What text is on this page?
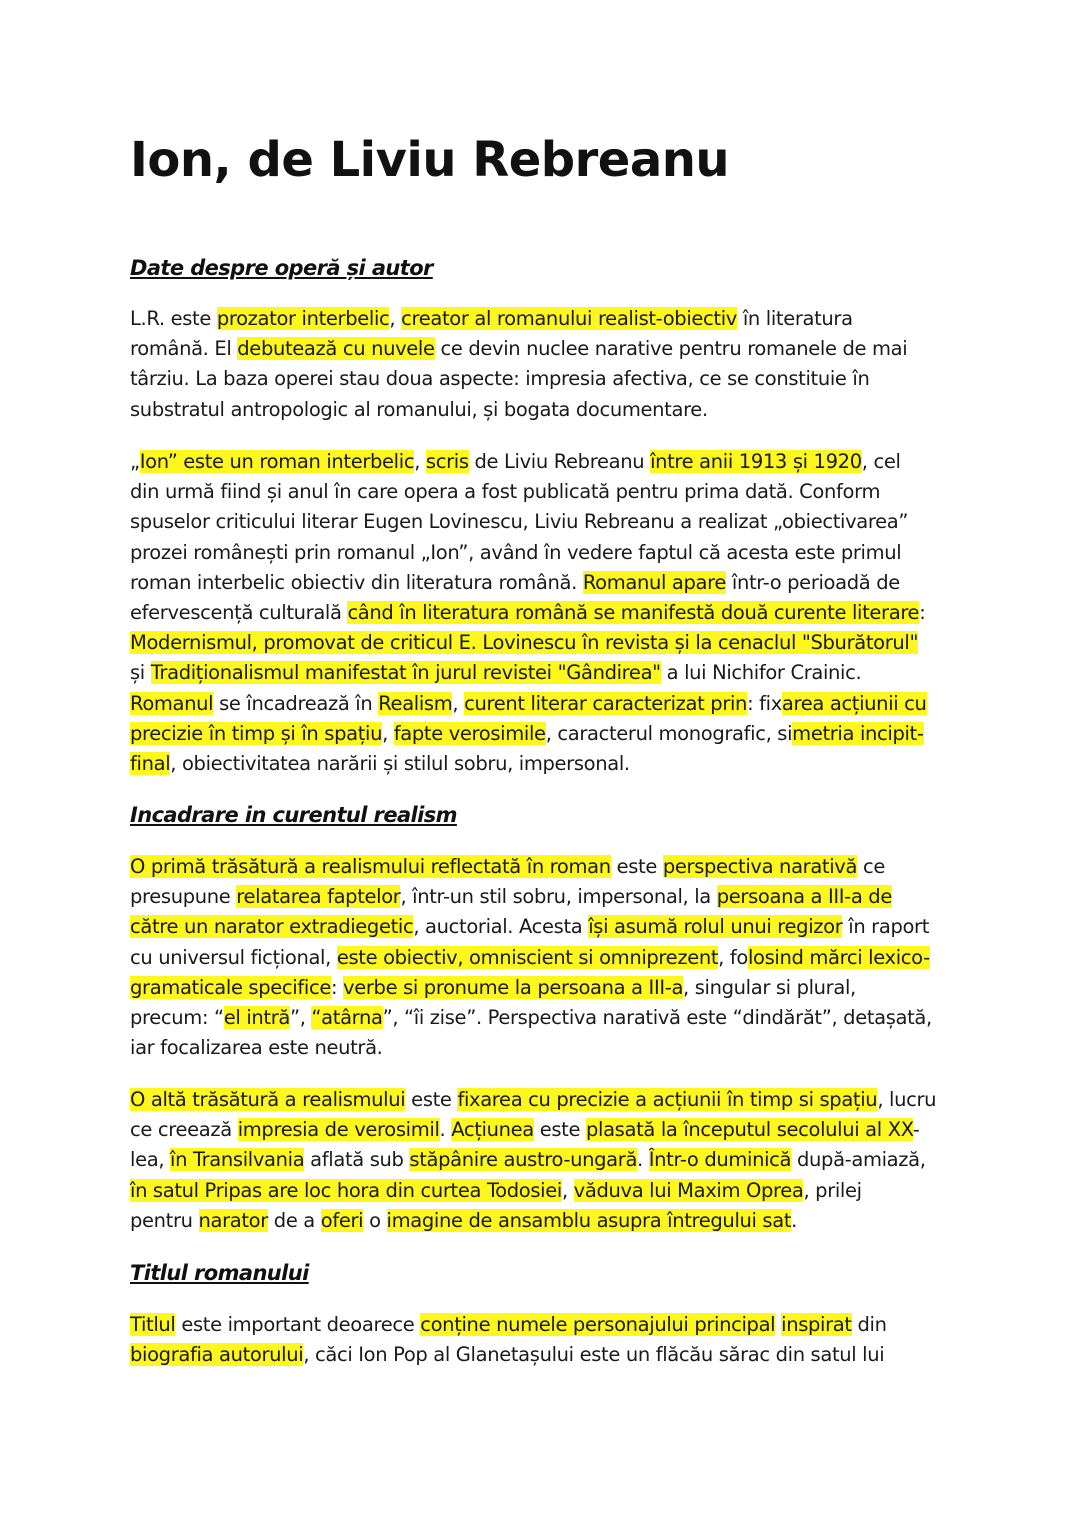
Ion, de Liviu Rebreanu
Date despre operă și autor

L.R. este prozator interbelic, creator al romanului realist-obiectiv în literatura
română. El debutează cu nuvele ce devin nuclee narative pentru romanele de mai
târziu. La baza operei stau doua aspecte: impresia afectiva, ce se constituie în
substratul antropologic al romanului, și bogata documentare.

„Ion” este un roman interbelic, scris de Liviu Rebreanu între anii 1913 și 1920, cel
din urmă fiind și anul în care opera a fost publicată pentru prima dată. Conform
spuselor criticului literar Eugen Lovinescu, Liviu Rebreanu a realizat „obiectivarea”
prozei românești prin romanul „Ion”, având în vedere faptul că acesta este primul
roman interbelic obiectiv din literatura română. Romanul apare într-o perioadă de
efervescență culturală când în literatura română se manifestă două curente literare:
Modernismul, promovat de criticul E. Lovinescu în revista și la cenaclul "Sburătorul"
și Tradiționalismul manifestat în jurul revistei "Gândirea" a lui Nichifor Crainic.
Romanul se încadrează în Realism, curent literar caracterizat prin: fixarea acțiunii cu
precizie în timp și în spațiu, fapte verosimile, caracterul monografic, simetria incipit-
final, obiectivitatea narării și stilul sobru, impersonal.

Incadrare in curentul realism

O primă trăsătură a realismului reflectată în roman este perspectiva narativă ce
presupune relatarea faptelor, într-un stil sobru, impersonal, la persoana a III-a de
către un narator extradiegetic, auctorial. Acesta își asumă rolul unui regizor în raport
cu universul ficțional, este obiectiv, omniscient si omniprezent, folosind mărci lexico-
gramaticale specifice: verbe si pronume la persoana a III-a, singular si plural,
precum: “el intră”, “atârna”, “îi zise”. Perspectiva narativă este “dindărăt”, detașată,
iar focalizarea este neutră.

O altă trăsătură a realismului este fixarea cu precizie a acțiunii în timp si spațiu, lucru
ce creează impresia de verosimil. Acțiunea este plasată la începutul secolului al XX-
lea, în Transilvania aflată sub stăpânire austro-ungară. Într-o duminică după-amiază,
în satul Pripas are loc hora din curtea Todosiei, văduva lui Maxim Oprea, prilej
pentru narator de a oferi o imagine de ansamblu asupra întregului sat.

Titlul romanului

Titlul este important deoarece conține numele personajului principal inspirat din
biografia autorului, căci Ion Pop al Glanetașului este un flăcău sărac din satul lui
